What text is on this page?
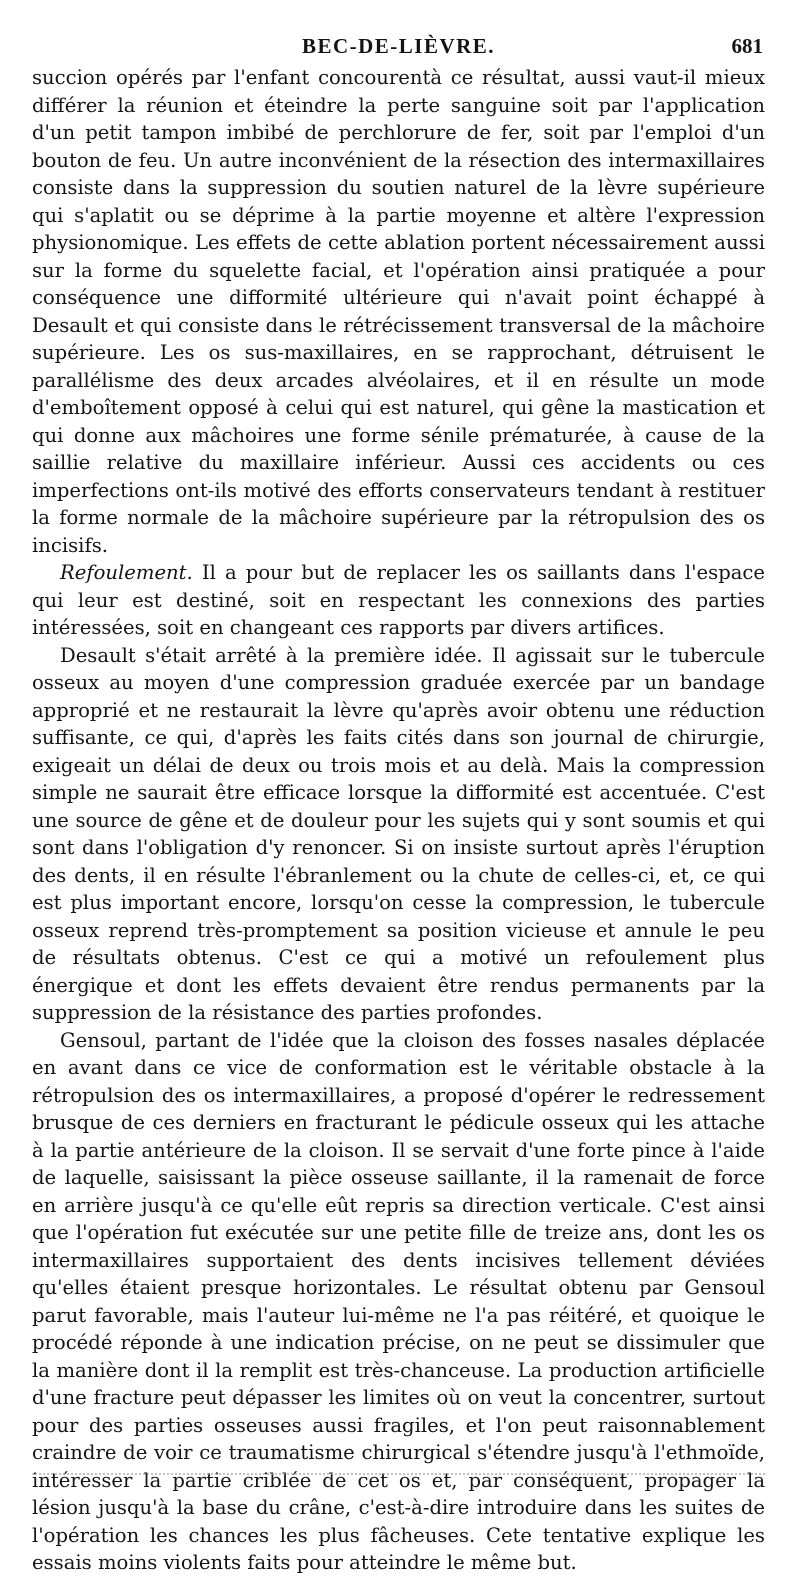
BEC-DE-LIÈVRE.	681

succion opérés par l'enfant concourentà ce résultat, aussi vaut-il mieux différer la réunion et éteindre la perte sanguine soit par l'application d'un petit tampon imbibé de perchlorure de fer, soit par l'emploi d'un bouton de feu. Un autre inconvénient de la résection des intermaxillaires consiste dans la suppression du soutien naturel de la lèvre supérieure qui s'aplatit ou se déprime à la partie moyenne et altère l'expression physionomique. Les effets de cette ablation portent nécessairement aussi sur la forme du squelette facial, et l'opération ainsi pratiquée a pour conséquence une difformité ultérieure qui n'avait point échappé à Desault et qui consiste dans le rétrécissement transversal de la mâchoire supérieure. Les os sus-maxillaires, en se rapprochant, détruisent le parallélisme des deux arcades alvéolaires, et il en résulte un mode d'emboîtement opposé à celui qui est naturel, qui gêne la mastication et qui donne aux mâchoires une forme sénile prématurée, à cause de la saillie relative du maxillaire inférieur. Aussi ces accidents ou ces imperfections ont-ils motivé des efforts conservateurs tendant à restituer la forme normale de la mâchoire supérieure par la rétropulsion des os incisifs.

Refoulement. Il a pour but de replacer les os saillants dans l'espace qui leur est destiné, soit en respectant les connexions des parties intéressées, soit en changeant ces rapports par divers artifices.

Desault s'était arrêté à la première idée. Il agissait sur le tubercule osseux au moyen d'une compression graduée exercée par un bandage approprié et ne restaurait la lèvre qu'après avoir obtenu une réduction suffisante, ce qui, d'après les faits cités dans son journal de chirurgie, exigeait un délai de deux ou trois mois et au delà. Mais la compression simple ne saurait être efficace lorsque la difformité est accentuée. C'est une source de gêne et de douleur pour les sujets qui y sont soumis et qui sont dans l'obligation d'y renoncer. Si on insiste surtout après l'éruption des dents, il en résulte l'ébranlement ou la chute de celles-ci, et, ce qui est plus important encore, lorsqu'on cesse la compression, le tubercule osseux reprend très-promptement sa position vicieuse et annule le peu de résultats obtenus. C'est ce qui a motivé un refoulement plus énergique et dont les effets devaient être rendus permanents par la suppression de la résistance des parties profondes.

Gensoul, partant de l'idée que la cloison des fosses nasales déplacée en avant dans ce vice de conformation est le véritable obstacle à la rétropulsion des os intermaxillaires, a proposé d'opérer le redressement brusque de ces derniers en fracturant le pédicule osseux qui les attache à la partie antérieure de la cloison. Il se servait d'une forte pince à l'aide de laquelle, saisissant la pièce osseuse saillante, il la ramenait de force en arrière jusqu'à ce qu'elle eût repris sa direction verticale. C'est ainsi que l'opération fut exécutée sur une petite fille de treize ans, dont les os intermaxillaires supportaient des dents incisives tellement déviées qu'elles étaient presque horizontales. Le résultat obtenu par Gensoul parut favorable, mais l'auteur lui-même ne l'a pas réitéré, et quoique le procédé réponde à une indication précise, on ne peut se dissimuler que la manière dont il la remplit est très-chanceuse. La production artificielle d'une fracture peut dépasser les limites où on veut la concentrer, surtout pour des parties osseuses aussi fragiles, et l'on peut raisonnablement craindre de voir ce traumatisme chirurgical s'étendre jusqu'à l'ethmoïde, intéresser la partie criblée de cet os et, par conséquent, propager la lésion jusqu'à la base du crâne, c'est-à-dire introduire dans les suites de l'opération les chances les plus fâcheuses. Cete tentative explique les essais moins violents faits pour atteindre le même but.
